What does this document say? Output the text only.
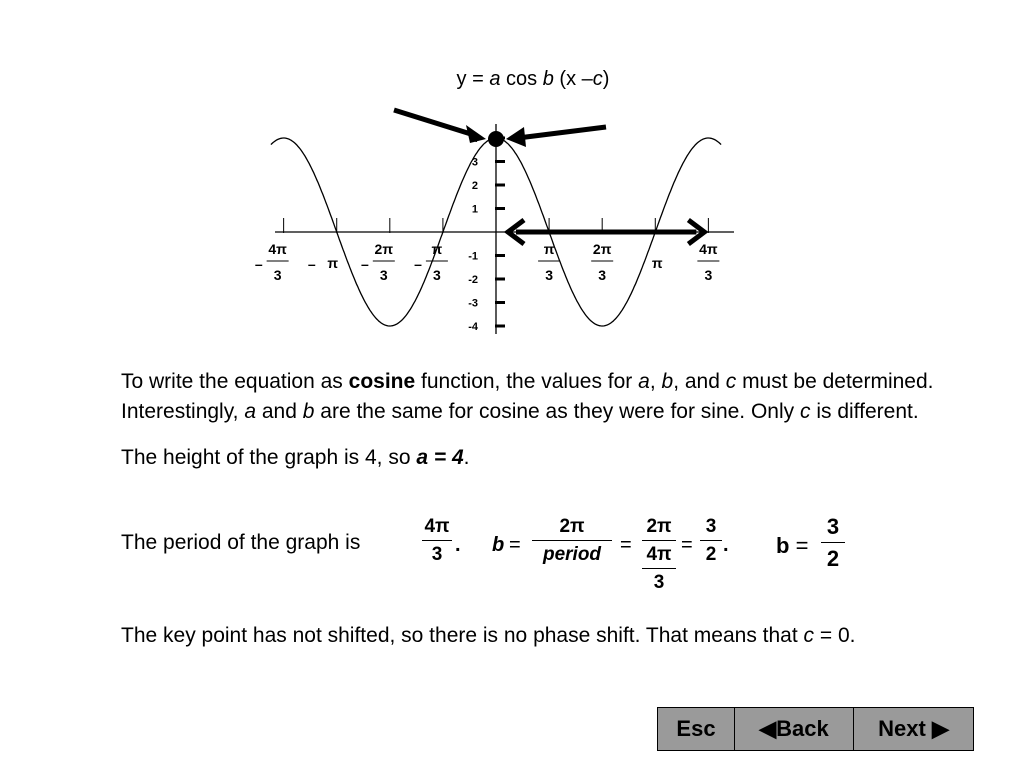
y = a cos b (x –c)
3
2
1
-1
-2
-3
-4
4π
3
–	π
–
2π
3
–
π
3
–
π
3
2π
3
π
4π
3
To write the equation as cosine function, the values for a, b, and c must be determined. Interestingly, a and b are the same for cosine as they were for sine. Only c is different.
The height of the graph is 4, so a = 4.
The period of the graph is	$\frac{4\pi}{3}$ . b =
2π
period = 2π
4π
$3 = \frac{3}{2}$ . $b = \frac{3}{2}$
The key point has not shifted, so there is no phase shift. That means that c = 0.
Esc	◀Back	Next ▶
